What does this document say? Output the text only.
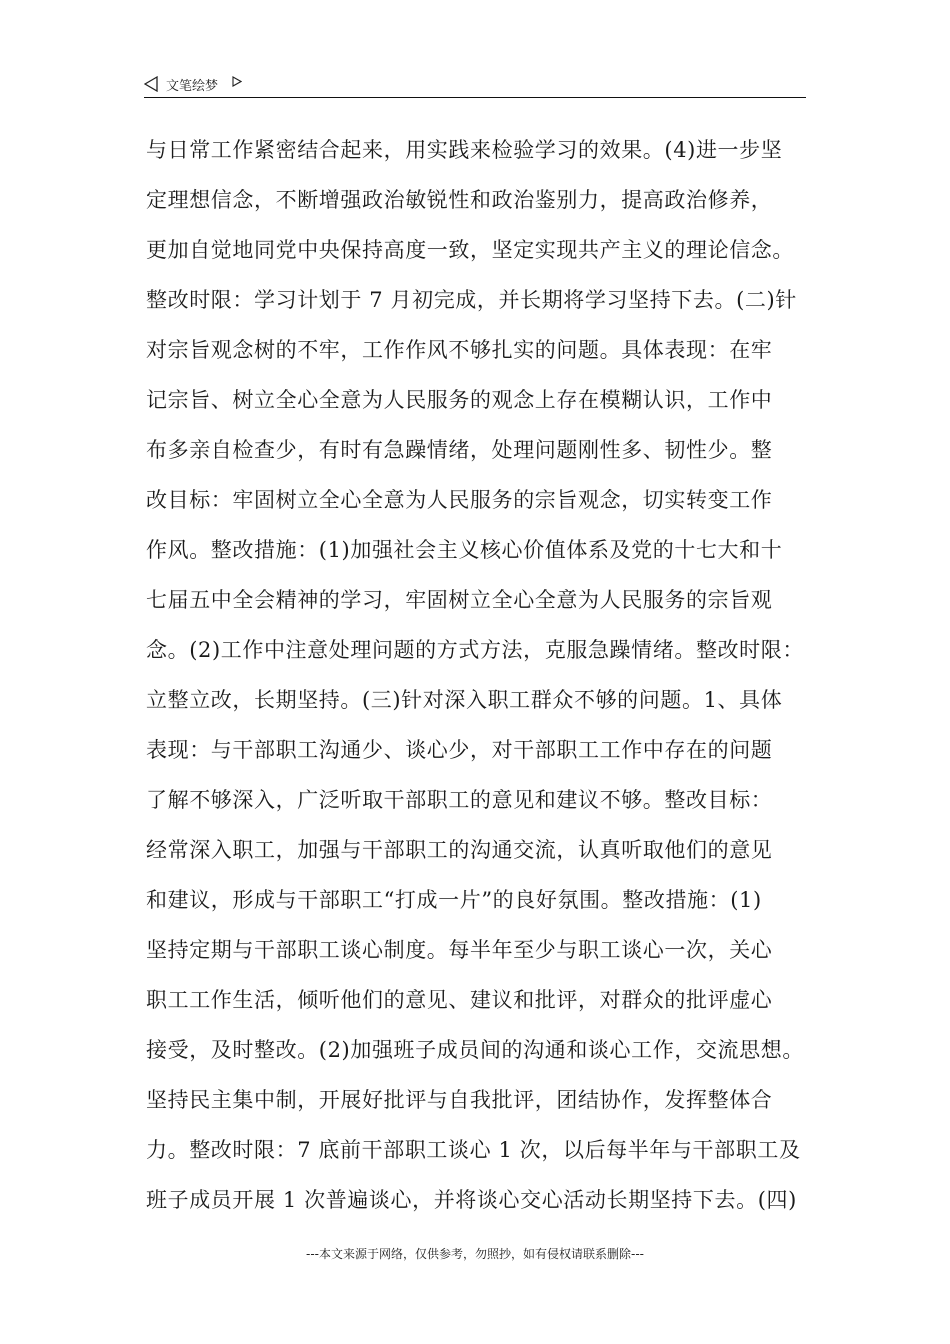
文笔绘梦
与日常工作紧密结合起来，用实践来检验学习的效果。(4)进一步坚
定理想信念，不断增强政治敏锐性和政治鉴别力，提高政治修养，
更加自觉地同党中央保持高度一致，坚定实现共产主义的理论信念。
整改时限：学习计划于 7 月初完成，并长期将学习坚持下去。(二)针
对宗旨观念树的不牢，工作作风不够扎实的问题。具体表现：在牢
记宗旨、树立全心全意为人民服务的观念上存在模糊认识，工作中
布多亲自检查少，有时有急躁情绪，处理问题刚性多、韧性少。整
改目标：牢固树立全心全意为人民服务的宗旨观念，切实转变工作
作风。整改措施：(1)加强社会主义核心价值体系及党的十七大和十
七届五中全会精神的学习，牢固树立全心全意为人民服务的宗旨观
念。(2)工作中注意处理问题的方式方法，克服急躁情绪。整改时限：
立整立改，长期坚持。(三)针对深入职工群众不够的问题。1、具体
表现：与干部职工沟通少、谈心少，对干部职工工作中存在的问题
了解不够深入，广泛听取干部职工的意见和建议不够。整改目标：
经常深入职工，加强与干部职工的沟通交流，认真听取他们的意见
和建议，形成与干部职工“打成一片”的良好氛围。整改措施：(1)
坚持定期与干部职工谈心制度。每半年至少与职工谈心一次，关心
职工工作生活，倾听他们的意见、建议和批评，对群众的批评虚心
接受，及时整改。(2)加强班子成员间的沟通和谈心工作，交流思想。
坚持民主集中制，开展好批评与自我批评，团结协作，发挥整体合
力。整改时限：7 底前干部职工谈心 1 次，以后每半年与干部职工及
班子成员开展 1 次普遍谈心，并将谈心交心活动长期坚持下去。(四)
---本文来源于网络，仅供参考，勿照抄，如有侵权请联系删除---
